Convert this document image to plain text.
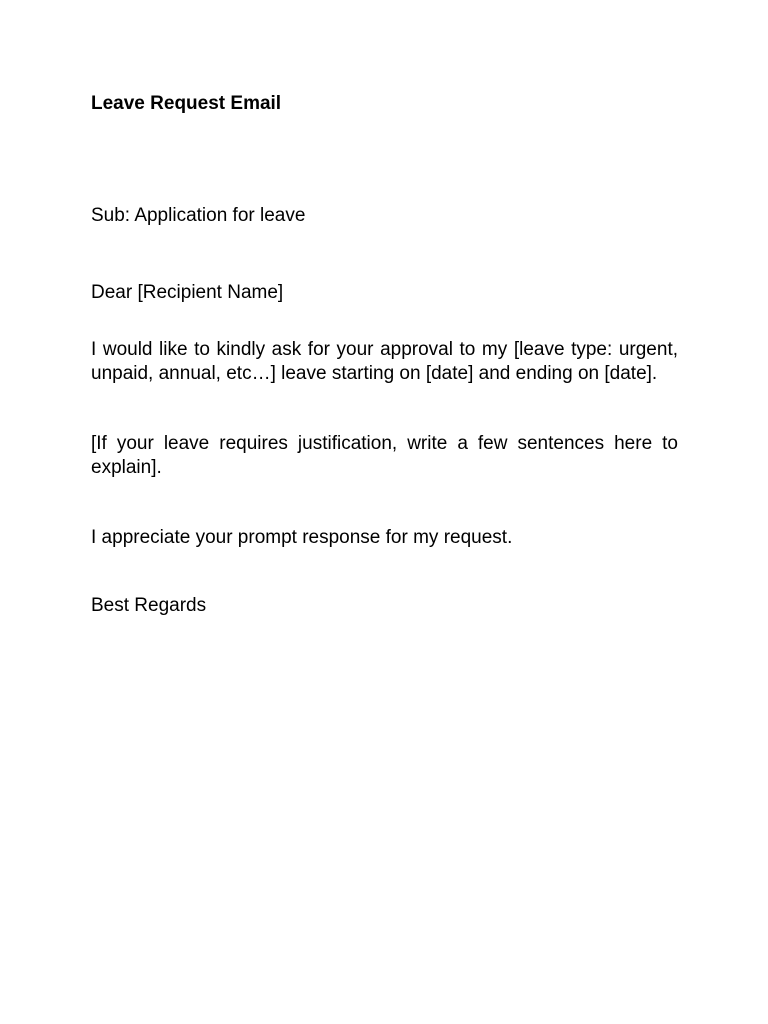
Leave Request Email

Sub: Application for leave

Dear [Recipient Name]

I would like to kindly ask for your approval to my [leave type: urgent, unpaid, annual, etc…] leave starting on [date] and ending on [date].

[If your leave requires justification, write a few sentences here to explain].

I appreciate your prompt response for my request.

Best Regards
